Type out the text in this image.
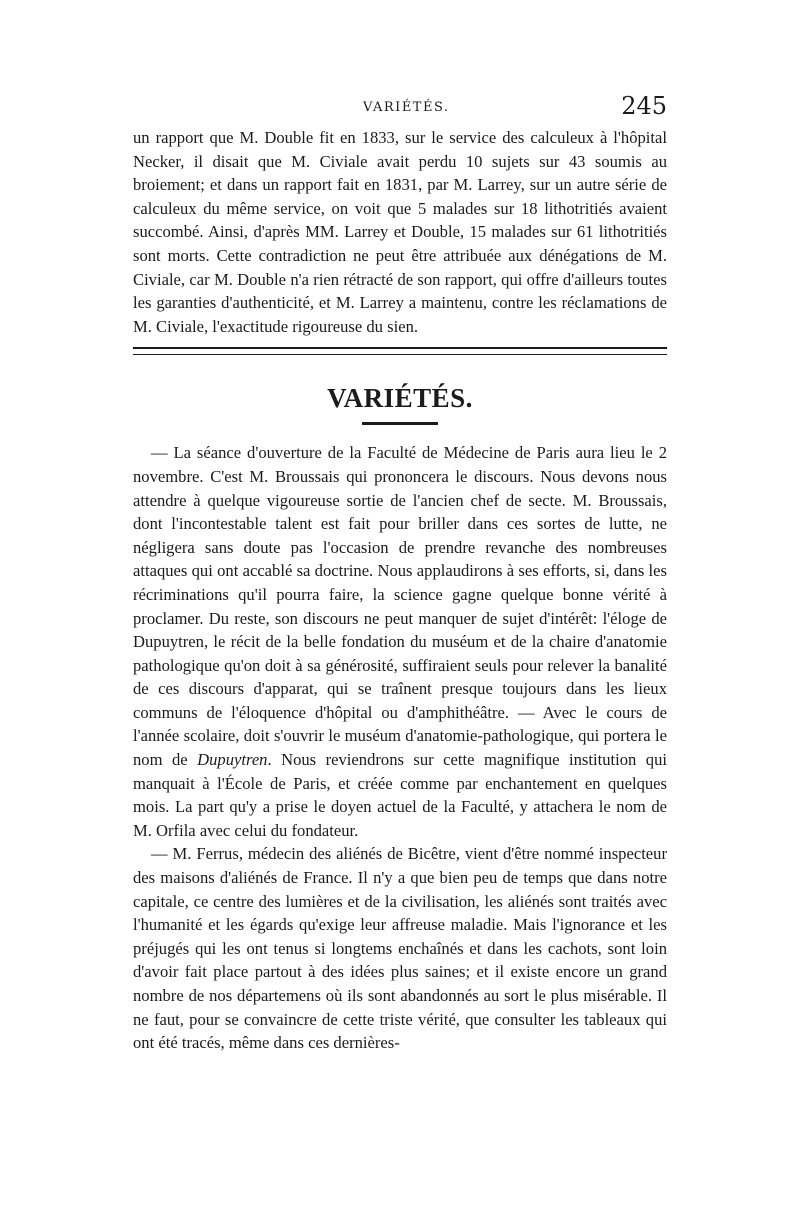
VARIÉTÉS.	245

un rapport que M. Double fit en 1833, sur le service des calculeux à l'hôpital Necker, il disait que M. Civiale avait perdu 10 sujets sur 43 soumis au broiement; et dans un rapport fait en 1831, par M. Larrey, sur un autre série de calculeux du même service, on voit que 5 malades sur 18 lithotritiés avaient succombé. Ainsi, d'après MM. Larrey et Double, 15 malades sur 61 lithotritiés sont morts. Cette contradiction ne peut être attribuée aux dénégations de M. Civiale, car M. Double n'a rien rétracté de son rapport, qui offre d'ailleurs toutes les garanties d'authenticité, et M. Larrey a maintenu, contre les réclamations de M. Civiale, l'exactitude rigoureuse du sien.

VARIÉTÉS.

— La séance d'ouverture de la Faculté de Médecine de Paris aura lieu le 2 novembre. C'est M. Broussais qui prononcera le discours. Nous devons nous attendre à quelque vigoureuse sortie de l'ancien chef de secte. M. Broussais, dont l'incontestable talent est fait pour briller dans ces sortes de lutte, ne négligera sans doute pas l'occasion de prendre revanche des nombreuses attaques qui ont accablé sa doctrine. Nous applaudirons à ses efforts, si, dans les récriminations qu'il pourra faire, la science gagne quelque bonne vérité à proclamer. Du reste, son discours ne peut manquer de sujet d'intérêt: l'éloge de Dupuytren, le récit de la belle fondation du muséum et de la chaire d'anatomie pathologique qu'on doit à sa générosité, suffiraient seuls pour relever la banalité de ces discours d'apparat, qui se traînent presque toujours dans les lieux communs de l'éloquence d'hôpital ou d'amphithéâtre. — Avec le cours de l'année scolaire, doit s'ouvrir le muséum d'anatomie-pathologique, qui portera le nom de Dupuytren. Nous reviendrons sur cette magnifique institution qui manquait à l'École de Paris, et créée comme par enchantement en quelques mois. La part qu'y a prise le doyen actuel de la Faculté, y attachera le nom de M. Orfila avec celui du fondateur.

— M. Ferrus, médecin des aliénés de Bicêtre, vient d'être nommé inspecteur des maisons d'aliénés de France. Il n'y a que bien peu de temps que dans notre capitale, ce centre des lumières et de la civilisation, les aliénés sont traités avec l'humanité et les égards qu'exige leur affreuse maladie. Mais l'ignorance et les préjugés qui les ont tenus si longtems enchaînés et dans les cachots, sont loin d'avoir fait place partout à des idées plus saines; et il existe encore un grand nombre de nos départemens où ils sont abandonnés au sort le plus misérable. Il ne faut, pour se convaincre de cette triste vérité, que consulter les tableaux qui ont été tracés, même dans ces dernières-
